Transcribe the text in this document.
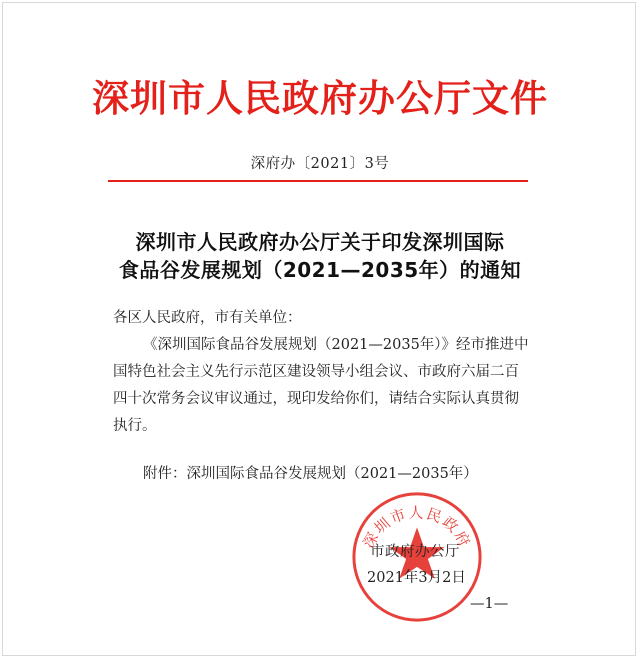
深圳市人民政府办公厅文件
深府办〔2021〕3号
深圳市人民政府办公厅关于印发深圳国际
食品谷发展规划（2021—2035年）的通知
各区人民政府，市有关单位：
《深圳国际食品谷发展规划（2021—2035年）》经市推进中
国特色社会主义先行示范区建设领导小组会议、市政府六届二百
四十次常务会议审议通过，现印发给你们，请结合实际认真贯彻
执行。
附件：深圳国际食品谷发展规划（2021—2035年）
深圳市人民政府
市政府办公厅
2021年3月2日
—1—
